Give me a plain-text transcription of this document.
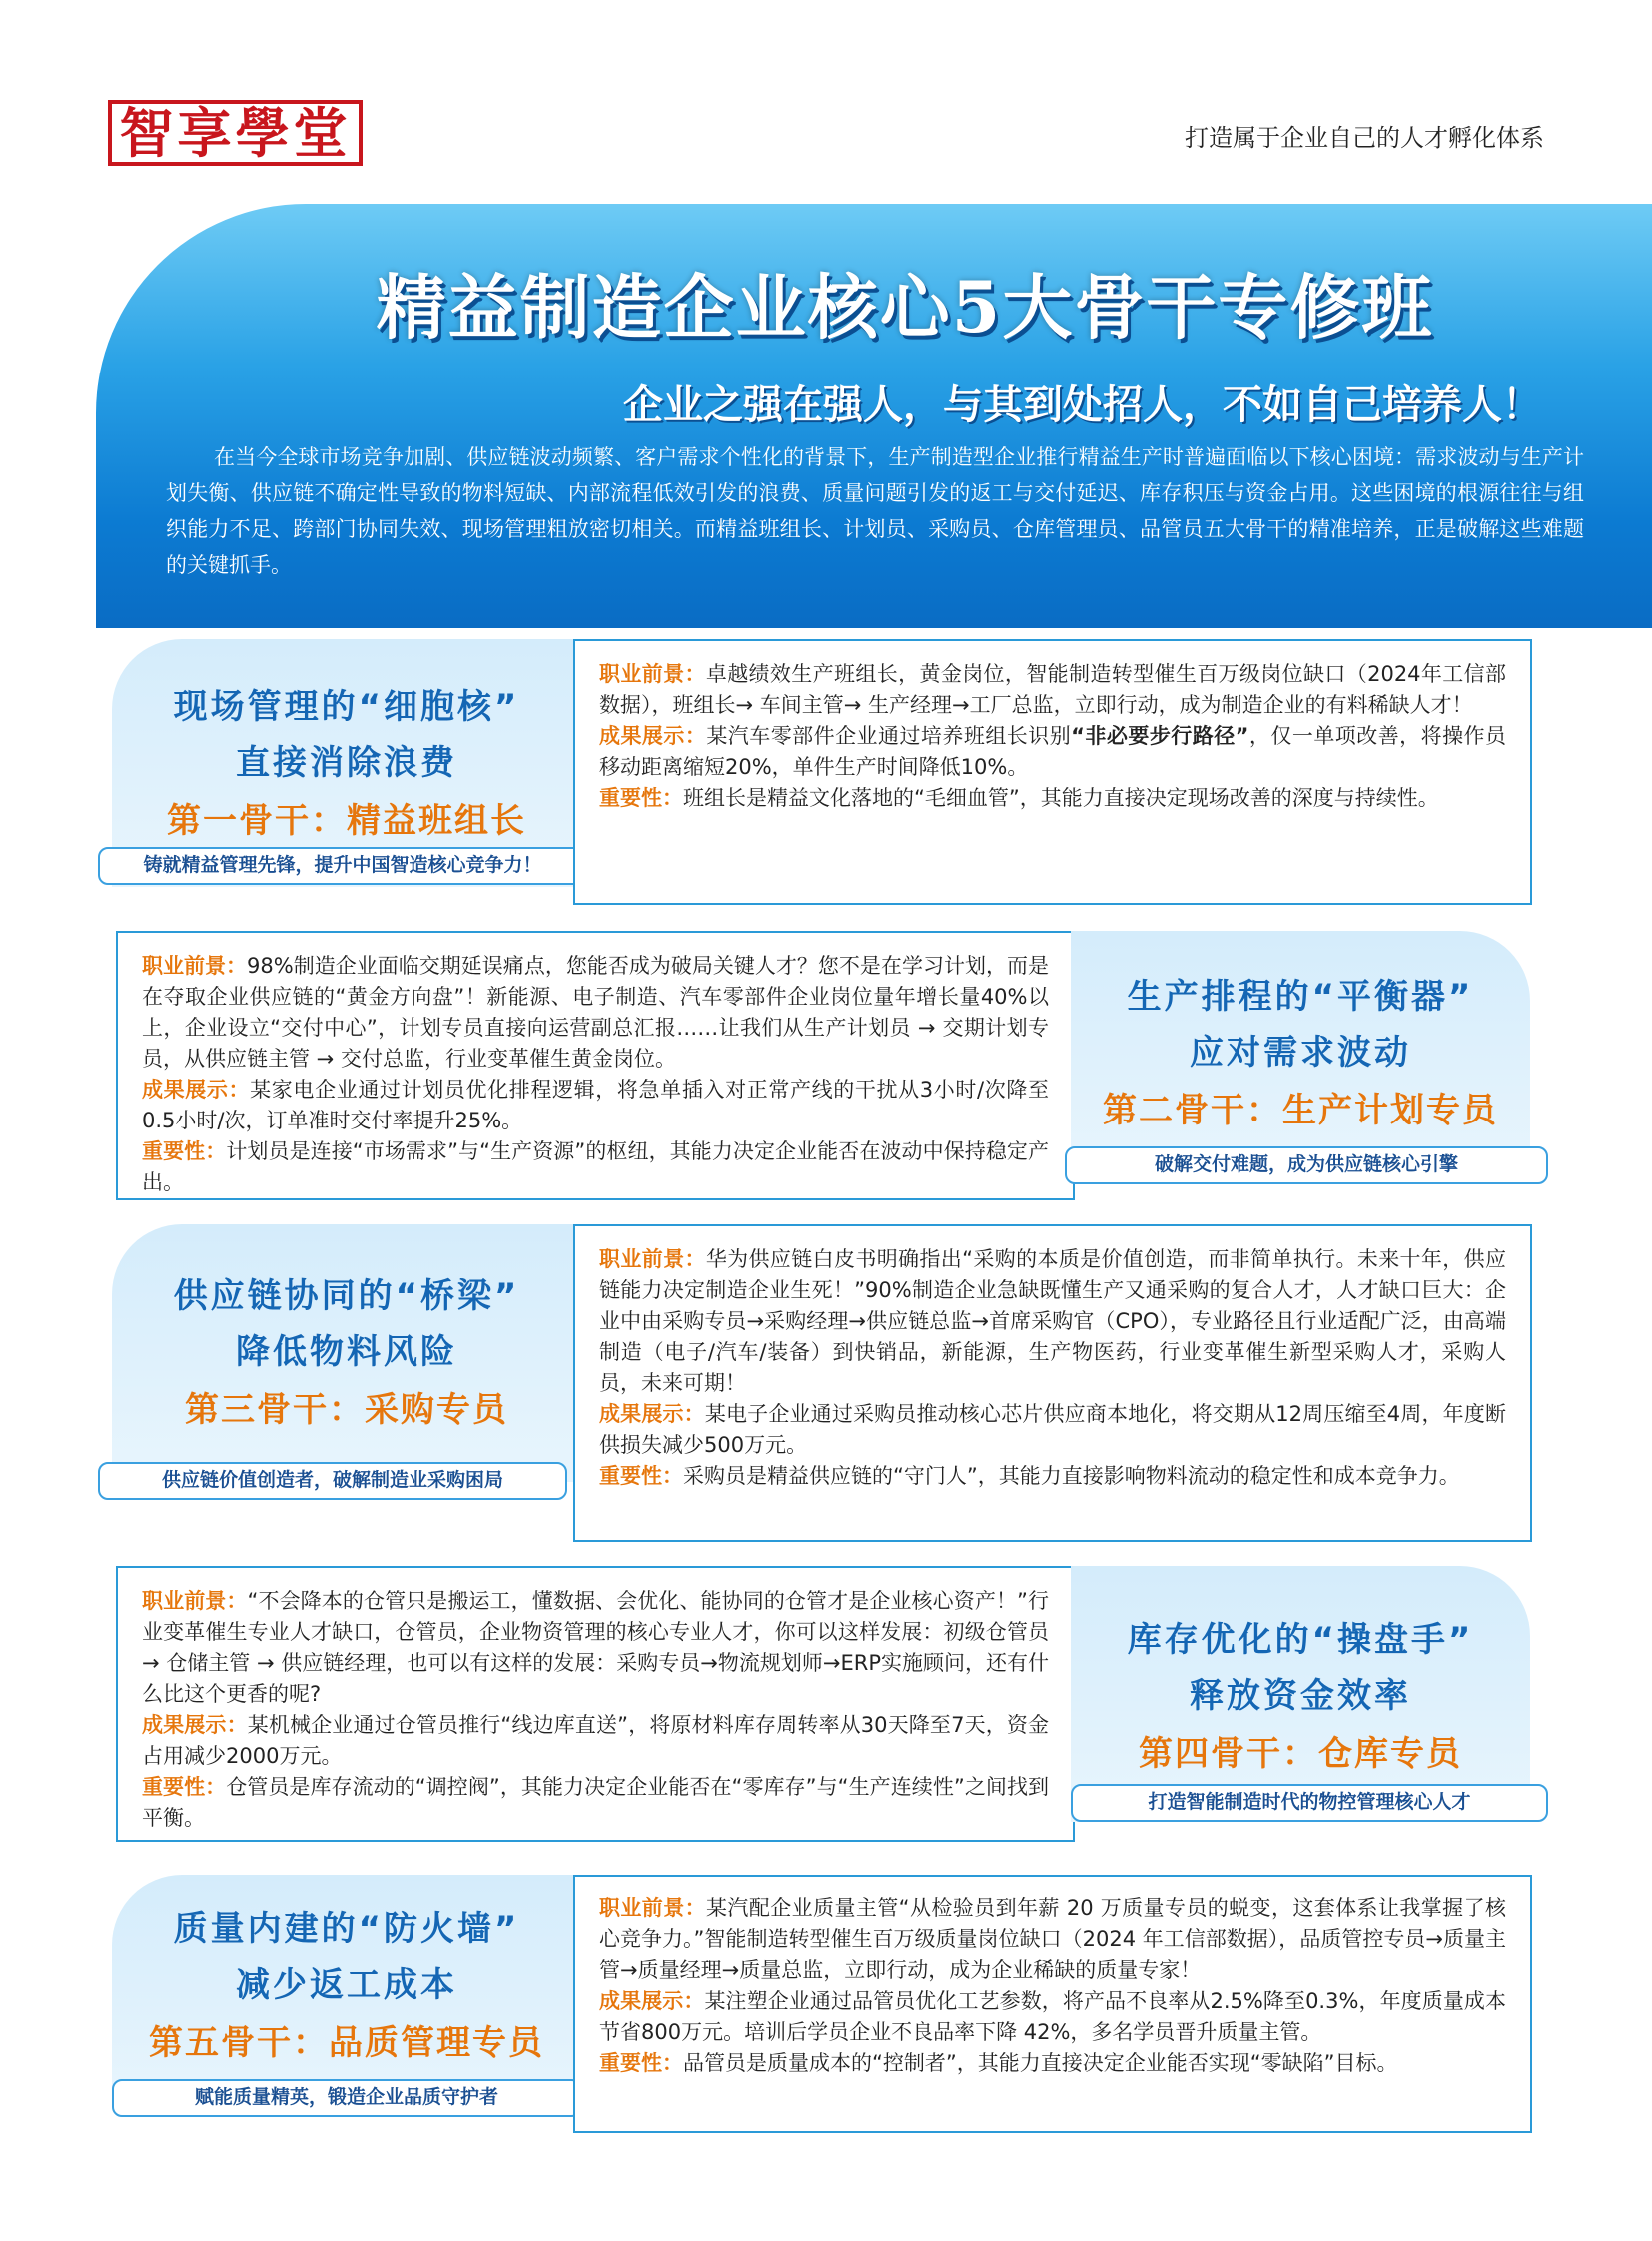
智享學堂	打造属于企业自己的人才孵化体系
精益制造企业核心5大骨干专修班
企业之强在强人，与其到处招人，不如自己培养人！
在当今全球市场竞争加剧、供应链波动频繁、客户需求个性化的背景下，生产制造型企业推行精益生产时普遍面临以下核心困境：需求波动与生产计划失衡、供应链不确定性导致的物料短缺、内部流程低效引发的浪费、质量问题引发的返工与交付延迟、库存积压与资金占用。这些困境的根源往往与组织能力不足、跨部门协同失效、现场管理粗放密切相关。而精益班组长、计划员、采购员、仓库管理员、品管员五大骨干的精准培养，正是破解这些难题的关键抓手。
现场管理的“细胞核”
直接消除浪费
第一骨干：精益班组长
铸就精益管理先锋，提升中国智造核心竞争力！

职业前景：卓越绩效生产班组长，黄金岗位，智能制造转型催生百万级岗位缺口（2024年工信部数据），班组长→ 车间主管→ 生产经理→工厂总监，立即行动，成为制造企业的有料稀缺人才！

成果展示：某汽车零部件企业通过培养班组长识别“非必要步行路径”，仅一单项改善，将操作员移动距离缩短20%，单件生产时间降低10%。

重要性：班组长是精益文化落地的“毛细血管”，其能力直接决定现场改善的深度与持续性。

职业前景：98%制造企业面临交期延误痛点，您能否成为破局关键人才？您不是在学习计划，而是在夺取企业供应链的“黄金方向盘”！新能源、电子制造、汽车零部件企业岗位量年增长量40%以上，企业设立“交付中心”，计划专员直接向运营副总汇报……让我们从生产计划员 → 交期计划专员，从供应链主管 → 交付总监，行业变革催生黄金岗位。

成果展示：某家电企业通过计划员优化排程逻辑，将急单插入对正常产线的干扰从3小时/次降至0.5小时/次，订单准时交付率提升25%。

重要性：计划员是连接“市场需求”与“生产资源”的枢纽，其能力决定企业能否在波动中保持稳定产出。

生产排程的“平衡器”
应对需求波动
第二骨干：生产计划专员
破解交付难题，成为供应链核心引擎
供应链协同的“桥梁”
降低物料风险
第三骨干：采购专员
供应链价值创造者，破解制造业采购困局

职业前景：华为供应链白皮书明确指出“采购的本质是价值创造，而非简单执行。未来十年，供应链能力决定制造企业生死！”90%制造企业急缺既懂生产又通采购的复合人才，人才缺口巨大：企业中由采购专员→采购经理→供应链总监→首席采购官（CPO），专业路径且行业适配广泛，由高端制造（电子/汽车/装备）到快销品，新能源，生产物医药，行业变革催生新型采购人才，采购人员，未来可期！

成果展示：某电子企业通过采购员推动核心芯片供应商本地化，将交期从12周压缩至4周，年度断供损失减少500万元。

重要性：采购员是精益供应链的“守门人”，其能力直接影响物料流动的稳定性和成本竞争力。

职业前景：“不会降本的仓管只是搬运工，懂数据、会优化、能协同的仓管才是企业核心资产！”行业变革催生专业人才缺口，仓管员，企业物资管理的核心专业人才，你可以这样发展：初级仓管员 → 仓储主管 → 供应链经理，也可以有这样的发展：采购专员→物流规划师→ERP实施顾问，还有什么比这个更香的呢?

成果展示：某机械企业通过仓管员推行“线边库直送”，将原材料库存周转率从30天降至7天，资金占用减少2000万元。

重要性：仓管员是库存流动的“调控阀”，其能力决定企业能否在“零库存”与“生产连续性”之间找到平衡。

库存优化的“操盘手”
释放资金效率
第四骨干：仓库专员
打造智能制造时代的物控管理核心人才
质量内建的“防火墙”
减少返工成本
第五骨干：品质管理专员
赋能质量精英，锻造企业品质守护者

职业前景：某汽配企业质量主管“从检验员到年薪 20 万质量专员的蜕变，这套体系让我掌握了核心竞争力。”智能制造转型催生百万级质量岗位缺口（2024 年工信部数据），品质管控专员→质量主管→质量经理→质量总监，立即行动，成为企业稀缺的质量专家！

成果展示：某注塑企业通过品管员优化工艺参数，将产品不良率从2.5%降至0.3%，年度质量成本节省800万元。培训后学员企业不良品率下降 42%，多名学员晋升质量主管。

重要性：品管员是质量成本的“控制者”，其能力直接决定企业能否实现“零缺陷”目标。
